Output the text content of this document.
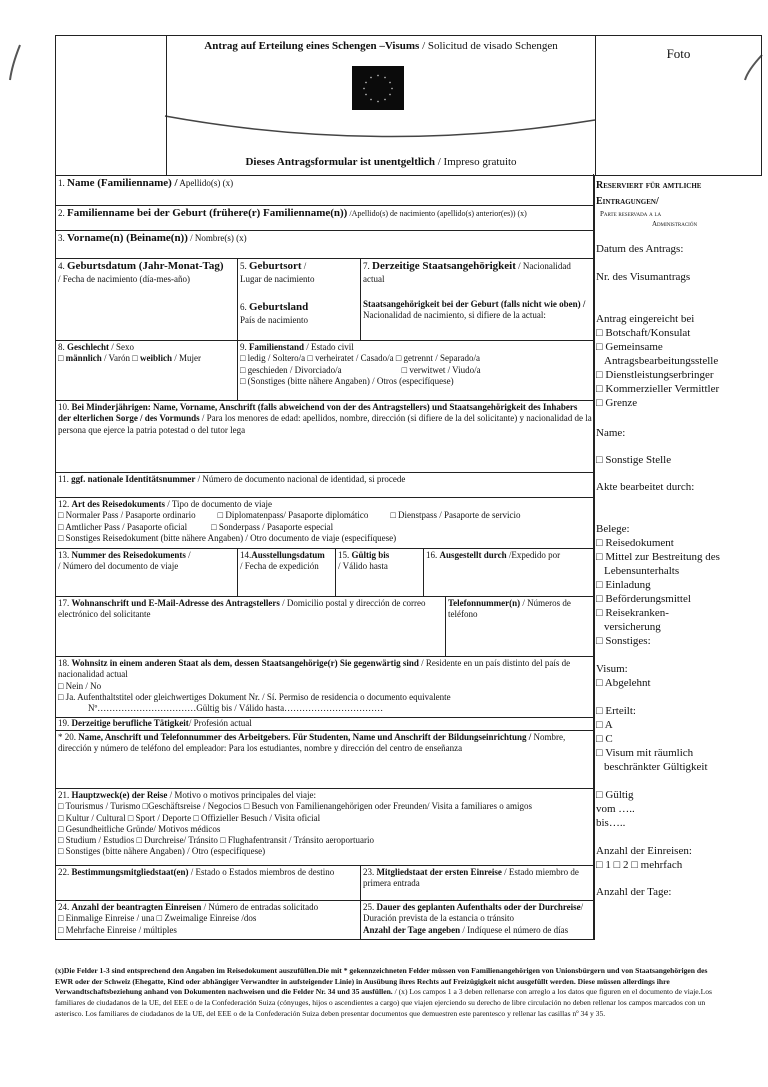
Antrag auf Erteilung eines Schengen –Visums / Solicitud de visado Schengen
Dieses Antragsformular ist unentgeltlich / Impreso gratuito
* *
*
*
*
*
*
*
*
*
*
*
Foto
Reserviert für amtliche
Eintragungen/
Parte reservada a la
Administración
Datum des Antrags:
Nr. des Visumantrags
Antrag eingereicht bei
□ Botschaft/Konsulat
□ Gemeinsame
Antragsbearbeitungsstelle
□ Dienstleistungserbringer
□ Kommerzieller Vermittler
□ Grenze
Name:
□ Sonstige Stelle
Akte bearbeitet durch:
Belege:
□ Reisedokument
□ Mittel zur Bestreitung des
Lebensunterhalts
□ Einladung
□ Beförderungsmittel
□ Reisekranken-
versicherung
□ Sonstiges:
Visum:
□ Abgelehnt
□ Erteilt:
□ A
□ C
□ Visum mit räumlich
beschränkter Gültigkeit
□ Gültig
vom …..
bis…..
Anzahl der Einreisen:
□ 1 □ 2 □ mehrfach
Anzahl der Tage:
1. Name (Familienname) / Apellido(s) (x)
2. Familienname bei der Geburt (frühere(r) Familienname(n)) /Apellido(s) de nacimiento (apellido(s) anterior(es)) (x)
3. Vorname(n) (Beiname(n)) / Nombre(s) (x)
4. Geburtsdatum (Jahr-Monat-Tag)
/ Fecha de nacimiento (día-mes-año)
5. Geburtsort /
Lugar de nacimiento
6. Geburtsland
País de nacimiento
7. Derzeitige Staatsangehörigkeit / Nacionalidad actual
Staatsangehörigkeit bei der Geburt (falls nicht wie oben) / Nacionalidad de nacimiento, si difiere de la actual:
8. Geschlecht / Sexo
□ männlich / Varón □ weiblich / Mujer
9. Familienstand / Estado civil
□ ledig / Soltero/a □ verheiratet / Casado/a □ getrennt / Separado/a
□ geschieden / Divorciado/a	□ verwitwet / Viudo/a
□ (Sonstiges (bitte nähere Angaben) / Otros (especifíquese)
10. Bei Minderjährigen: Name, Vorname, Anschrift (falls abweichend von der des Antragstellers) und Staatsangehörigkeit des Inhabers der elterlichen Sorge / des Vormunds / Para los menores de edad: apellidos, nombre, dirección (si difiere de la del solicitante) y nacionalidad de la persona que ejerce la patria potestad o del tutor lega
11. ggf. nationale Identitätsnummer / Número de documento nacional de identidad, si procede
12. Art des Reisedokuments / Tipo de documento de viaje
□ Normaler Pass / Pasaporte ordinario □ Diplomatenpass/ Pasaporte diplomático □ Dienstpass / Pasaporte de servicio
□ Amtlicher Pass / Pasaporte oficial	□ Sonderpass / Pasaporte especial
□ Sonstiges Reisedokument (bitte nähere Angaben) / Otro documento de viaje (especifíquese)
13. Nummer des Reisedokuments /
/ Número del documento de viaje
14.Ausstellungsdatum
/ Fecha de expedición
15. Gültig bis
/ Válido hasta
16. Ausgestellt durch /Expedido por
17. Wohnanschrift und E-Mail-Adresse des Antragstellers / Domicilio postal y dirección de correo electrónico del solicitante
Telefonnummer(n) / Números de teléfono
18. Wohnsitz in einem anderen Staat als dem, dessen Staatsangehörige(r) Sie gegenwärtig sind / Residente en un país distinto del país de nacionalidad actual
□ Nein / No
□ Ja. Aufenthaltstitel oder gleichwertiges Dokument Nr. / Sí. Permiso de residencia o documento equivalente
Nº……………………………Gültig bis / Válido hasta……………………………
19. Derzeitige berufliche Tätigkeit/ Profesión actual
* 20. Name, Anschrift und Telefonnummer des Arbeitgebers. Für Studenten, Name und Anschrift der Bildungseinrichtung / Nombre, dirección y número de teléfono del empleador: Para los estudiantes, nombre y dirección del centro de enseñanza
21. Hauptzweck(e) der Reise / Motivo o motivos principales del viaje:
□ Tourismus / Turismo □Geschäftsreise / Negocios □ Besuch von Familienangehörigen oder Freunden/ Visita a familiares o amigos
□ Kultur / Cultural □ Sport / Deporte □ Offizieller Besuch / Visita oficial
□ Gesundheitliche Gründe/ Motivos médicos
□ Studium / Estudios □ Durchreise/ Tránsito □ Flughafentransit / Tránsito aeroportuario
□ Sonstiges (bitte nähere Angaben) / Otro (especifíquese)
22. Bestimmungsmitgliedstaat(en) / Estado o Estados miembros de destino	23. Mitgliedstaat der ersten Einreise / Estado miembro de primera entrada
24. Anzahl der beantragten Einreisen / Número de entradas solicitado
□ Einmalige Einreise / una □ Zweimalige Einreise /dos
□ Mehrfache Einreise / múltiples
25. Dauer des geplanten Aufenthalts oder der Durchreise/ Duración prevista de la estancia o tránsito
Anzahl der Tage angeben / Indíquese el número de días
(x)Die Felder 1-3 sind entsprechend den Angaben im Reisedokument auszufüllen.Die mit * gekennzeichneten Felder müssen von Familienangehörigen von Unionsbürgern und von Staatsangehörigen des EWR oder der Schweiz (Ehegatte, Kind oder abhängiger Verwandter in aufsteigender Linie) in Ausübung ihres Rechts auf Freizügigkeit nicht ausgefüllt werden. Diese müssen allerdings ihre Verwandtschaftsbeziehung anhand von Dokumenten nachweisen und die Felder Nr. 34 und 35 ausfüllen. / (x) Los campos 1 a 3 deben rellenarse con arreglo a los datos que figuren en el documento de viaje.Los familiares de ciudadanos de la UE, del EEE o de la Confederación Suiza (cónyuges, hijos o ascendientes a cargo) que viajen ejerciendo su derecho de libre circulación no deben rellenar los campos marcados con un asterisco. Los familiares de ciudadanos de la UE, del EEE o de la Confederación Suiza deben presentar documentos que demuestren este parentesco y rellenar las casillas nº 34 y 35.
